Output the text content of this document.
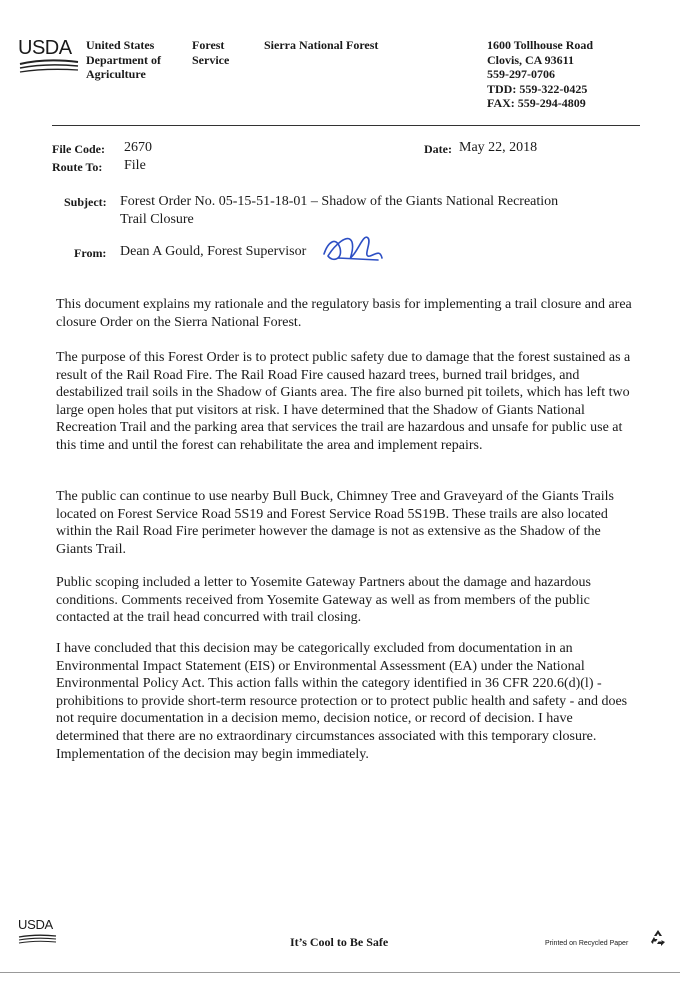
USDA	United States
Department of
Agriculture
Forest
Service
Sierra National Forest	1600 Tollhouse Road
Clovis, CA 93611
559-297-0706
TDD: 559-322-0425
FAX: 559-294-4809
File Code: 2670
Route To: File
Date: May 22, 2018
Subject: Forest Order No. 05-15-51-18-01 – Shadow of the Giants National Recreation
Trail Closure
From: Dean A Gould, Forest Supervisor

This document explains my rationale and the regulatory basis for implementing a trail closure and area closure Order on the Sierra National Forest.

The purpose of this Forest Order is to protect public safety due to damage that the forest sustained as a result of the Rail Road Fire. The Rail Road Fire caused hazard trees, burned trail bridges, and destabilized trail soils in the Shadow of Giants area. The fire also burned pit toilets, which has left two large open holes that put visitors at risk. I have determined that the Shadow of Giants National Recreation Trail and the parking area that services the trail are hazardous and unsafe for public use at this time and until the forest can rehabilitate the area and implement repairs.

The public can continue to use nearby Bull Buck, Chimney Tree and Graveyard of the Giants Trails located on Forest Service Road 5S19 and Forest Service Road 5S19B. These trails are also located within the Rail Road Fire perimeter however the damage is not as extensive as the Shadow of the Giants Trail.

Public scoping included a letter to Yosemite Gateway Partners about the damage and hazardous conditions. Comments received from Yosemite Gateway as well as from members of the public contacted at the trail head concurred with trail closing.

I have concluded that this decision may be categorically excluded from documentation in an Environmental Impact Statement (EIS) or Environmental Assessment (EA) under the National Environmental Policy Act. This action falls within the category identified in 36 CFR 220.6(d)(l) - prohibitions to provide short-term resource protection or to protect public health and safety - and does not require documentation in a decision memo, decision notice, or record of decision. I have determined that there are no extraordinary circumstances associated with this temporary closure. Implementation of the decision may begin immediately.

USDA
It’s Cool to Be Safe	Printed on Recycled Paper
